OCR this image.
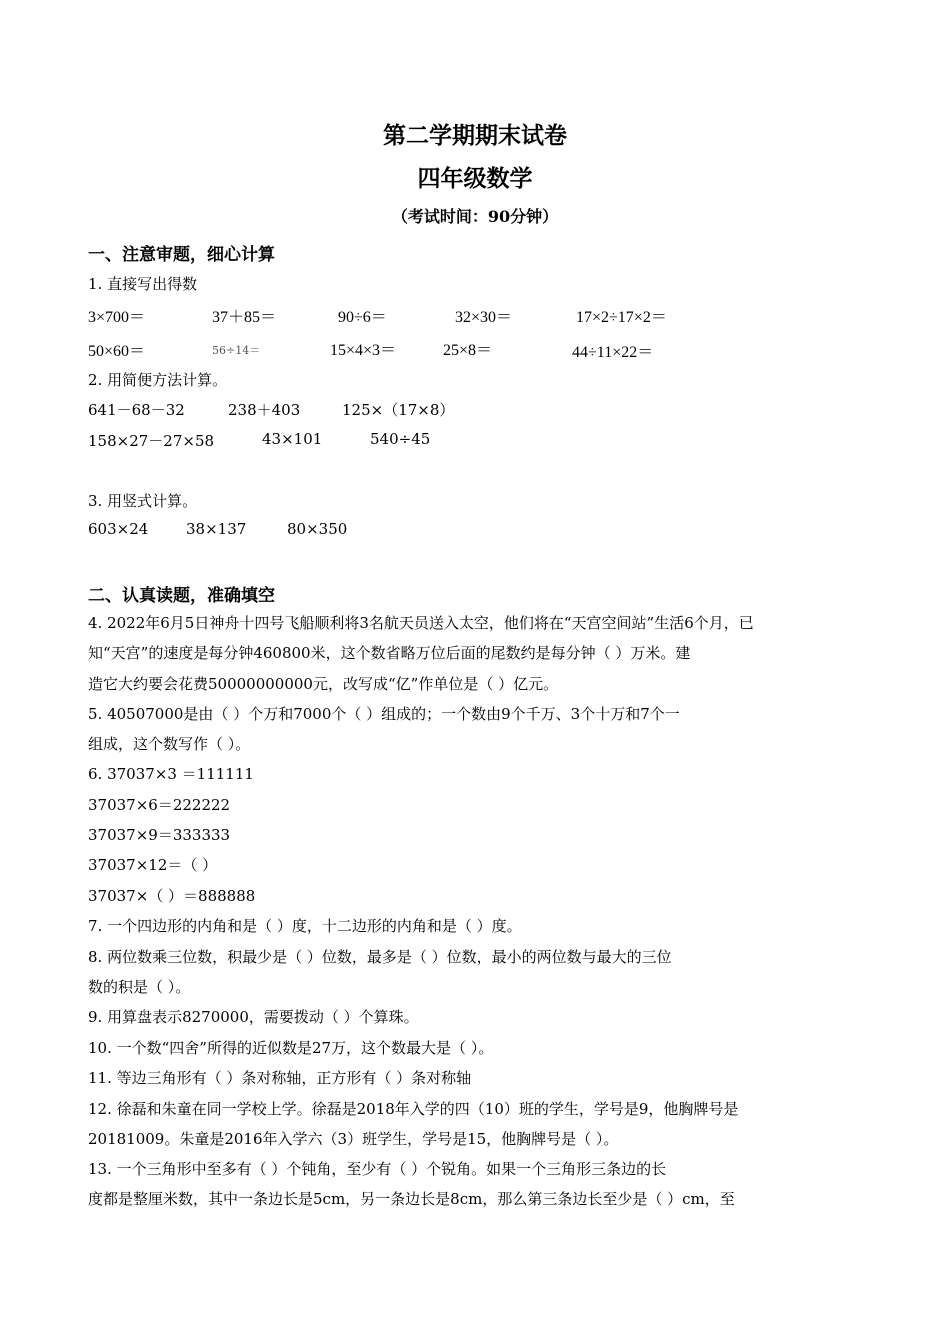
第二学期期末试卷
四年级数学
（考试时间：90分钟）
一、注意审题，细心计算
1. 直接写出得数
3×700＝	37＋85＝	90÷6＝	32×30＝	17×2÷17×2＝
50×60＝	56÷14＝	15×4×3＝	25×8＝	44÷11×22＝
2. 用简便方法计算。
641－68－32	238＋403	125×（17×8）
158×27－27×58	43×101	540÷45
3. 用竖式计算。
603×24	38×137	80×350
二、认真读题，准确填空
4. 2022年6月5日神舟十四号飞船顺利将3名航天员送入太空，他们将在“天宫空间站”生活6个月，已
知“天宫”的速度是每分钟460800米，这个数省略万位后面的尾数约是每分钟（ ）万米。建
造它大约要会花费50000000000元，改写成“亿”作单位是（ ）亿元。
5. 40507000是由（ ）个万和7000个（ ）组成的；一个数由9个千万、3个十万和7个一
组成，这个数写作（ ）。
6. 37037×3 ＝111111
37037×6＝222222
37037×9＝333333
37037×12＝（ ）
37037×（ ）＝888888
7. 一个四边形的内角和是（ ）度，十二边形的内角和是（ ）度。
8. 两位数乘三位数，积最少是（ ）位数，最多是（ ）位数，最小的两位数与最大的三位
数的积是（ ）。
9. 用算盘表示8270000，需要拨动（ ）个算珠。
10. 一个数“四舍”所得的近似数是27万，这个数最大是（ ）。
11. 等边三角形有（ ）条对称轴，正方形有（ ）条对称轴
12. 徐磊和朱童在同一学校上学。徐磊是2018年入学的四（10）班的学生，学号是9，他胸牌号是
20181009。朱童是2016年入学六（3）班学生，学号是15，他胸牌号是（ ）。
13. 一个三角形中至多有（ ）个钝角，至少有（ ）个锐角。如果一个三角形三条边的长
度都是整厘米数，其中一条边长是5cm，另一条边长是8cm，那么第三条边长至少是（ ）cm，至
